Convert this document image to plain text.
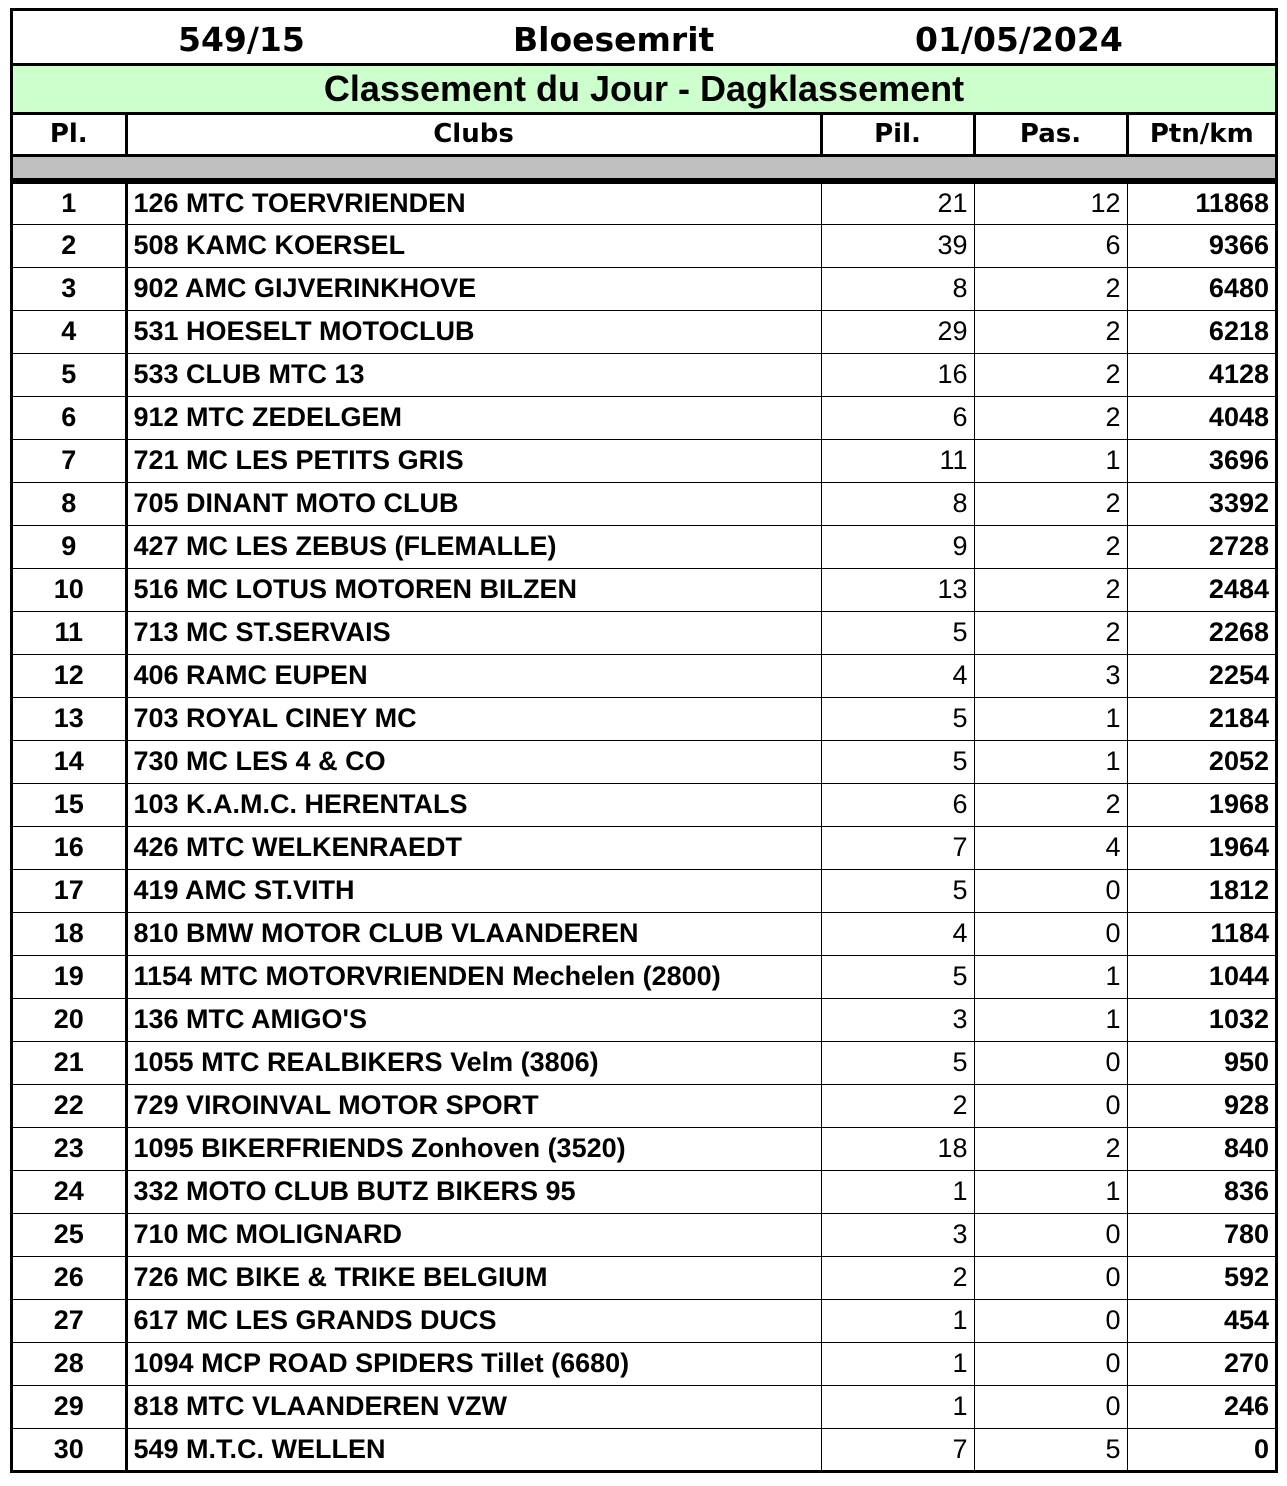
549/15	Bloesemrit	01/05/2024
Classement du Jour - Dagklassement
Pl.	Clubs	Pil.	Pas.	Ptn/km

1	126 MTC TOERVRIENDEN	21	12	11868
2	508 KAMC KOERSEL	39	6	9366
3	902 AMC GIJVERINKHOVE	8	2	6480
4	531 HOESELT MOTOCLUB	29	2	6218
5	533 CLUB MTC 13	16	2	4128
6	912 MTC ZEDELGEM	6	2	4048
7	721 MC LES PETITS GRIS	11	1	3696
8	705 DINANT MOTO CLUB	8	2	3392
9	427 MC LES ZEBUS (FLEMALLE)	9	2	2728
10	516 MC LOTUS MOTOREN BILZEN	13	2	2484
11	713 MC ST.SERVAIS	5	2	2268
12	406 RAMC EUPEN	4	3	2254
13	703 ROYAL CINEY MC	5	1	2184
14	730 MC LES 4 & CO	5	1	2052
15	103 K.A.M.C. HERENTALS	6	2	1968
16	426 MTC WELKENRAEDT	7	4	1964
17	419 AMC ST.VITH	5	0	1812
18	810 BMW MOTOR CLUB VLAANDEREN	4	0	1184
19	1154 MTC MOTORVRIENDEN Mechelen (2800)	5	1	1044
20	136 MTC AMIGO'S	3	1	1032
21	1055 MTC REALBIKERS Velm (3806)	5	0	950
22	729 VIROINVAL MOTOR SPORT	2	0	928
23	1095 BIKERFRIENDS Zonhoven (3520)	18	2	840
24	332 MOTO CLUB BUTZ BIKERS 95	1	1	836
25	710 MC MOLIGNARD	3	0	780
26	726 MC BIKE & TRIKE BELGIUM	2	0	592
27	617 MC LES GRANDS DUCS	1	0	454
28	1094 MCP ROAD SPIDERS Tillet (6680)	1	0	270
29	818 MTC VLAANDEREN VZW	1	0	246
30	549 M.T.C. WELLEN	7	5	0
